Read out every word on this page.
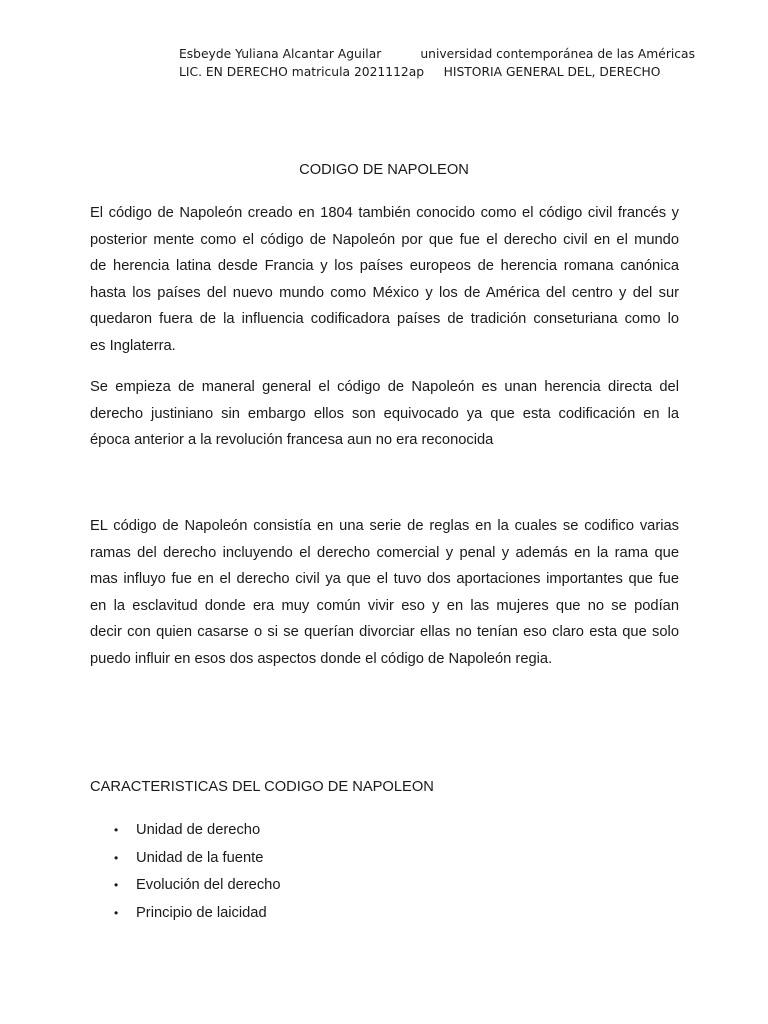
Esbeyde Yuliana Alcantar Aguilar	universidad contemporánea de las Américas
LIC. EN DERECHO matricula 2021112ap HISTORIA GENERAL DEL, DERECHO
CODIGO DE NAPOLEON
El código de Napoleón creado en 1804 también conocido como el código civil francés y
posterior mente como el código de Napoleón por que fue el derecho civil en el mundo
de herencia latina desde Francia y los países europeos de herencia romana canónica
hasta los países del nuevo mundo como México y los de América del centro y del sur
quedaron fuera de la influencia codificadora países de tradición conseturiana como lo
es Inglaterra.
Se empieza de maneral general el código de Napoleón es unan herencia directa del
derecho justiniano sin embargo ellos son equivocado ya que esta codificación en la
época anterior a la revolución francesa aun no era reconocida
EL código de Napoleón consistía en una serie de reglas en la cuales se codifico varias
ramas del derecho incluyendo el derecho comercial y penal y además en la rama que
mas influyo fue en el derecho civil ya que el tuvo dos aportaciones importantes que fue
en la esclavitud donde era muy común vivir eso y en las mujeres que no se podían
decir con quien casarse o si se querían divorciar ellas no tenían eso claro esta que solo
puedo influir en esos dos aspectos donde el código de Napoleón regia.
CARACTERISTICAS DEL CODIGO DE NAPOLEON
• Unidad de derecho
• Unidad de la fuente
• Evolución del derecho
• Principio de laicidad
